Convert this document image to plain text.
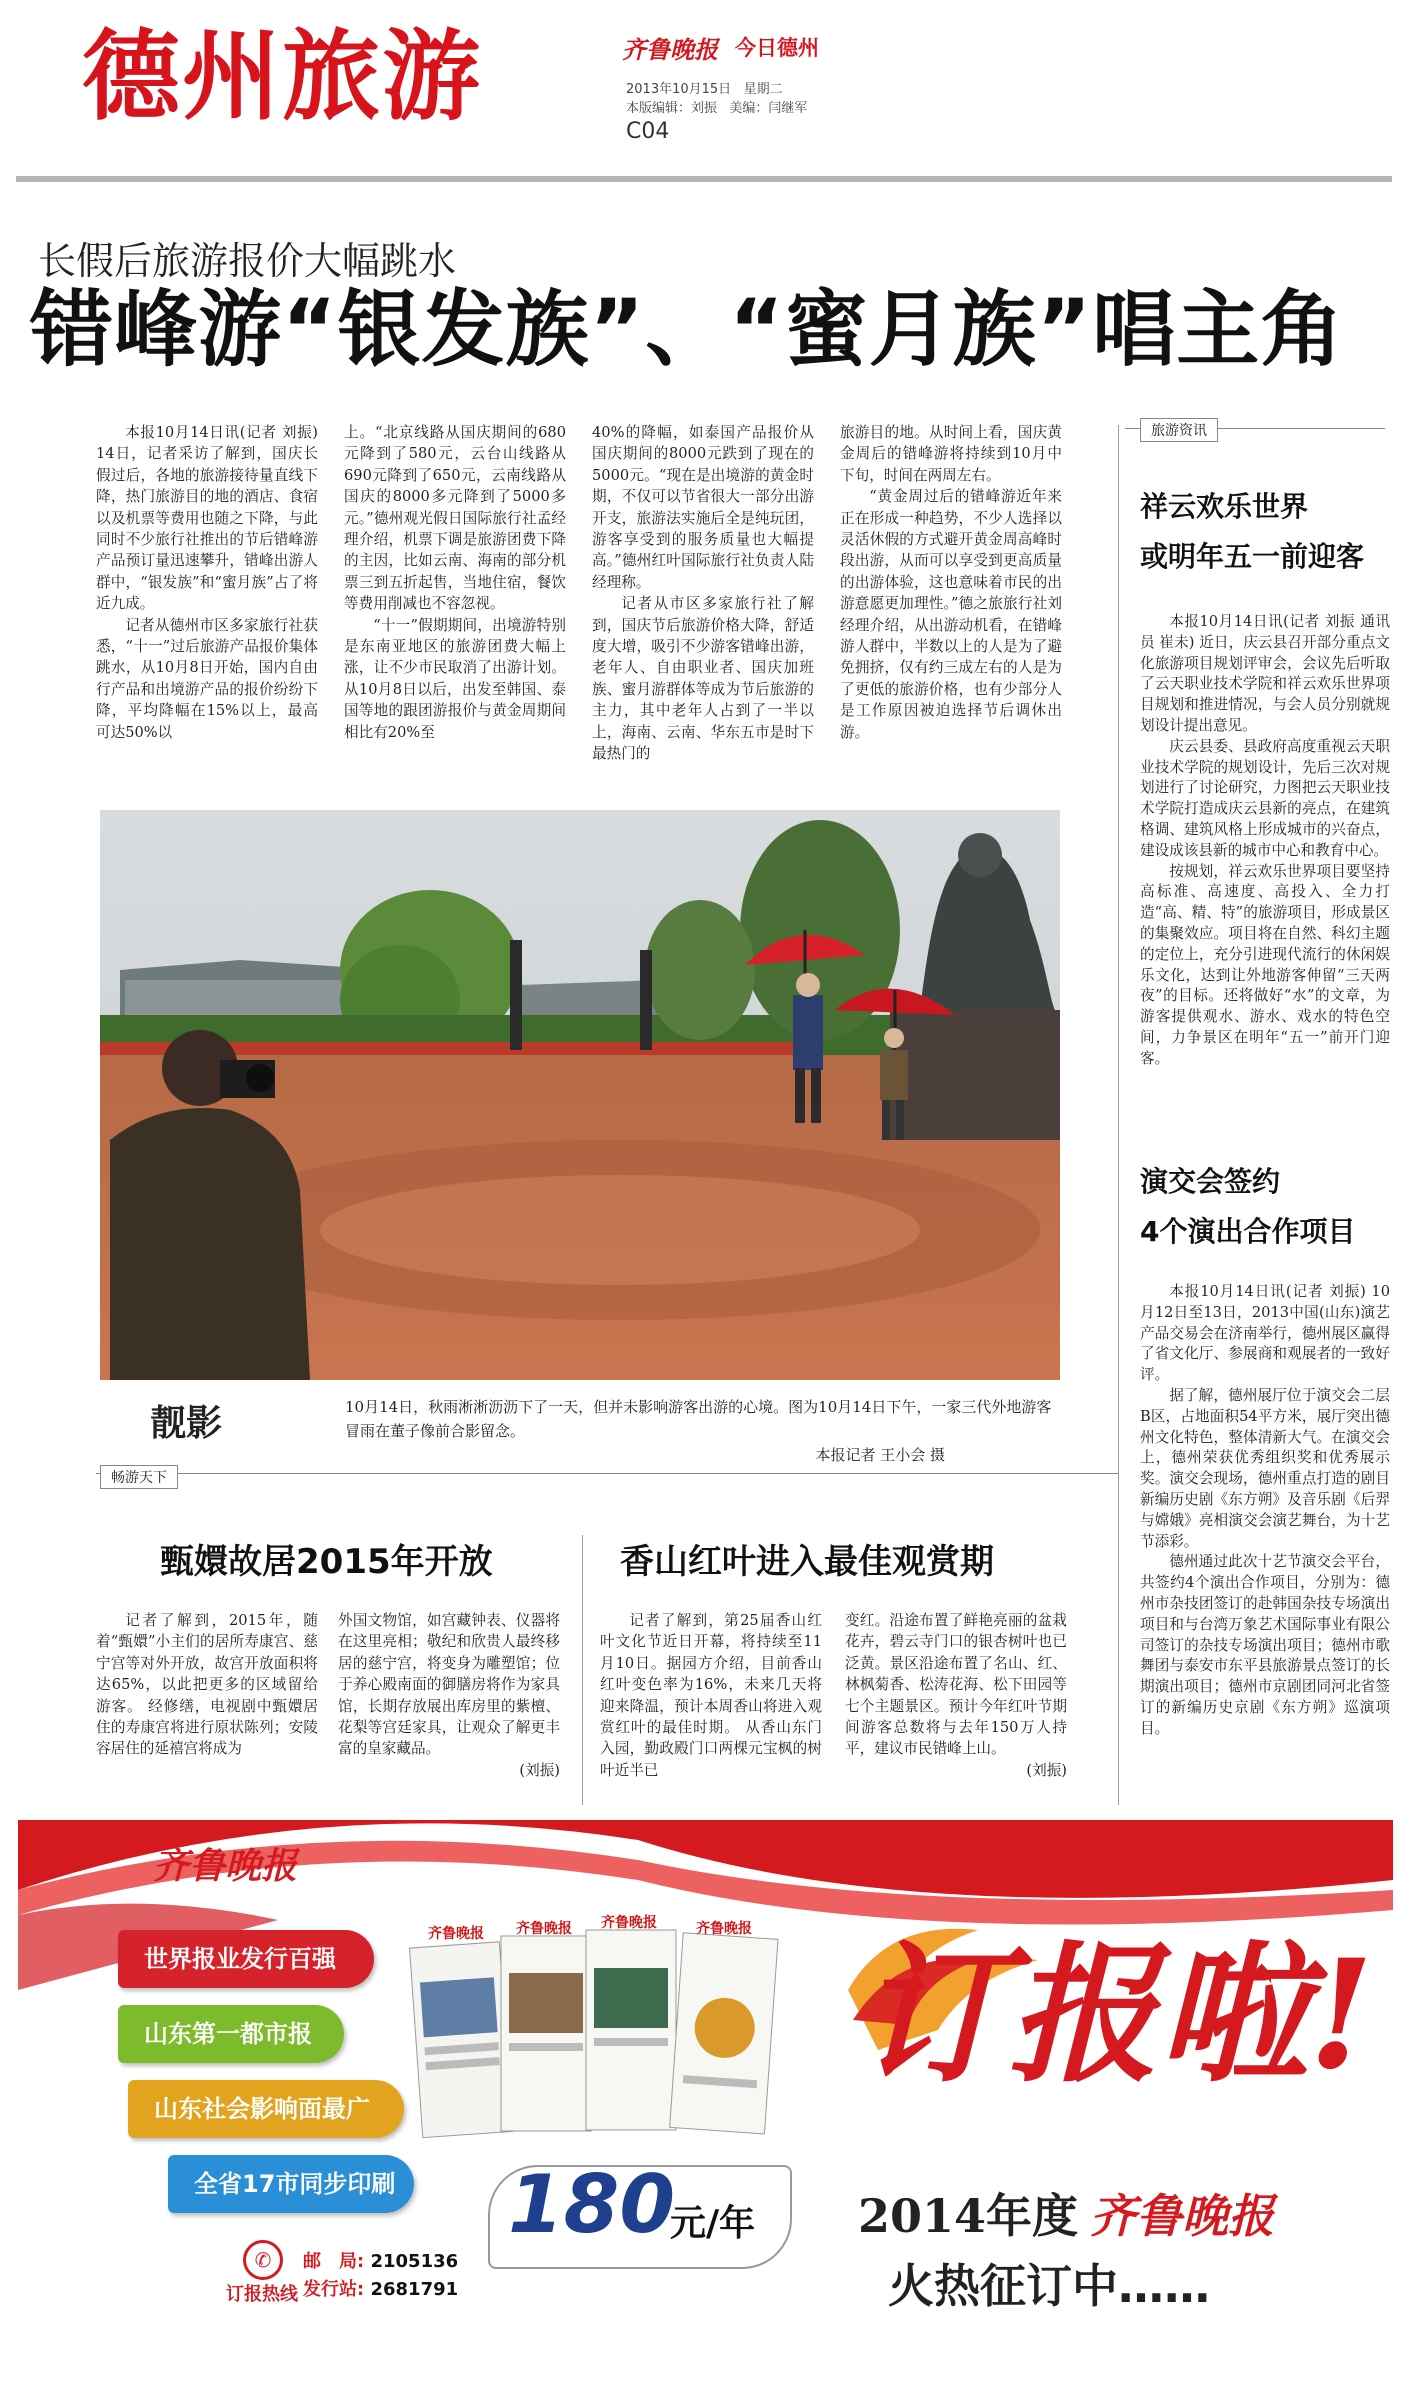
德州旅游	齐鲁晚报 今日德州
2013年10月15日 星期二
本版编辑：刘振 美编：闫继军
C04
长假后旅游报价大幅跳水
错峰游“银发族”、“蜜月族”唱主角

本报10月14日讯(记者 刘振) 14日，记者采访了解到，国庆长假过后，各地的旅游接待量直线下降，热门旅游目的地的酒店、食宿以及机票等费用也随之下降，与此同时不少旅行社推出的节后错峰游产品预订量迅速攀升，错峰出游人群中，“银发族”和“蜜月族”占了将近九成。

记者从德州市区多家旅行社获悉，“十一”过后旅游产品报价集体跳水，从10月8日开始，国内自由行产品和出境游产品的报价纷纷下降，平均降幅在15%以上，最高可达50%以

上。“北京线路从国庆期间的680元降到了580元，云台山线路从690元降到了650元，云南线路从国庆的8000多元降到了5000多元。”德州观光假日国际旅行社孟经理介绍，机票下调是旅游团费下降的主因，比如云南、海南的部分机票三到五折起售，当地住宿，餐饮等费用削减也不容忽视。

“十一”假期期间，出境游特别是东南亚地区的旅游团费大幅上涨，让不少市民取消了出游计划。从10月8日以后，出发至韩国、泰国等地的跟团游报价与黄金周期间相比有20%至

40%的降幅，如泰国产品报价从国庆期间的8000元跌到了现在的5000元。“现在是出境游的黄金时期，不仅可以节省很大一部分出游开支，旅游法实施后全是纯玩团，游客享受到的服务质量也大幅提高。”德州红叶国际旅行社负责人陆经理称。

记者从市区多家旅行社了解到，国庆节后旅游价格大降，舒适度大增，吸引不少游客错峰出游，老年人、自由职业者、国庆加班族、蜜月游群体等成为节后旅游的主力，其中老年人占到了一半以上，海南、云南、华东五市是时下最热门的

旅游目的地。从时间上看，国庆黄金周后的错峰游将持续到10月中下旬，时间在两周左右。

“黄金周过后的错峰游近年来正在形成一种趋势，不少人选择以灵活休假的方式避开黄金周高峰时段出游，从而可以享受到更高质量的出游体验，这也意味着市民的出游意愿更加理性。”德之旅旅行社刘经理介绍，从出游动机看，在错峰游人群中，半数以上的人是为了避免拥挤，仅有约三成左右的人是为了更低的旅游价格，也有少部分人是工作原因被迫选择节后调休出游。

旅游资讯
祥云欢乐世界
或明年五一前迎客

本报10月14日讯(记者 刘振 通讯员 崔未) 近日，庆云县召开部分重点文化旅游项目规划评审会，会议先后听取了云天职业技术学院和祥云欢乐世界项目规划和推进情况，与会人员分别就规划设计提出意见。

庆云县委、县政府高度重视云天职业技术学院的规划设计，先后三次对规划进行了讨论研究，力图把云天职业技术学院打造成庆云县新的亮点，在建筑格调、建筑风格上形成城市的兴奋点，建设成该县新的城市中心和教育中心。

按规划，祥云欢乐世界项目要坚持高标准、高速度、高投入、全力打造“高、精、特”的旅游项目，形成景区的集聚效应。项目将在自然、科幻主题的定位上，充分引进现代流行的休闲娱乐文化，达到让外地游客伸留“三天两夜”的目标。还将做好“水”的文章，为游客提供观水、游水、戏水的特色空间，力争景区在明年“五一”前开门迎客。

演交会签约
4个演出合作项目

本报10月14日讯(记者 刘振) 10月12日至13日，2013中国(山东)演艺产品交易会在济南举行，德州展区赢得了省文化厅、参展商和观展者的一致好评。

据了解，德州展厅位于演交会二层B区，占地面积54平方米，展厅突出德州文化特色，整体清新大气。在演交会上，德州荣获优秀组织奖和优秀展示奖。演交会现场，德州重点打造的剧目新编历史剧《东方朔》及音乐剧《后羿与嫦娥》亮相演交会演艺舞台，为十艺节添彩。

德州通过此次十艺节演交会平台，共签约4个演出合作项目，分别为：德州市杂技团签订的赴韩国杂技专场演出项目和与台湾万象艺术国际事业有限公司签订的杂技专场演出项目；德州市歌舞团与泰安市东平县旅游景点签订的长期演出项目；德州市京剧团同河北省签订的新编历史京剧《东方朔》巡演项目。

靓影	10月14日，秋雨淅淅沥沥下了一天，但并未影响游客出游的心境。图为10月14日下午，一家三代外地游客冒雨在董子像前合影留念。
本报记者 王小会 摄
畅游天下
甄嬛故居2015年开放

记者了解到，2015年，随着“甄嬛”小主们的居所寿康宫、慈宁宫等对外开放，故宫开放面积将达65%，以此把更多的区域留给游客。 经修缮，电视剧中甄嬛居住的寿康宫将进行原状陈列；安陵容居住的延禧宫将成为

外国文物馆，如宫藏钟表、仪器将在这里亮相；敬纪和欣贵人最终移居的慈宁宫，将变身为雕塑馆；位于养心殿南面的御膳房将作为家具馆，长期存放展出库房里的紫檀、花梨等宫廷家具，让观众了解更丰富的皇家藏品。

(刘振)

香山红叶进入最佳观赏期

记者了解到，第25届香山红叶文化节近日开幕，将持续至11月10日。据园方介绍，目前香山红叶变色率为16%，未来几天将迎来降温，预计本周香山将进入观赏红叶的最佳时期。 从香山东门入园，勤政殿门口两棵元宝枫的树叶近半已

变红。沿途布置了鲜艳亮丽的盆栽花卉，碧云寺门口的银杏树叶也已泛黄。景区沿途布置了名山、红、林枫菊香、松涛花海、松下田园等七个主题景区。预计今年红叶节期间游客总数将与去年150万人持平，建议市民错峰上山。

(刘振)

齐鲁晚报
世界报业发行百强
山东第一都市报
山东社会影响面最广
全省17市同步印刷
齐鲁晚报 齐鲁晚报 齐鲁晚报	齐鲁晚报
180
元/年
✆
订报热线
邮　局: 2105136
发行站: 2681791
订报啦!
2014年度 齐鲁晚报
火热征订中……
